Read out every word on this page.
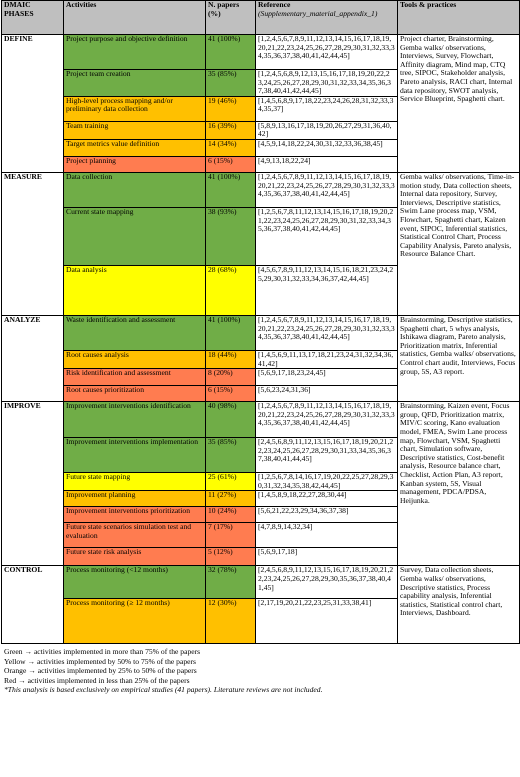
DMAIC PHASES	Activities	N. papers (%)	Reference
(Supplementary_material_appendix_1)	Tools & practices
DEFINE	Project purpose and objective definition	41 (100%)	[1,2,4,5,6,7,8,9,11,12,13,14,15,16,17,18,19,20,21,22,23,24,25,26,27,28,29,30,31,32,33,34,35,36,37,38,40,41,42,44,45]	Project charter, Brainstorming, Gemba walks/ observations, Interviews, Survey, Flowchart, Affinity diagram, Mind map, CTQ tree, SIPOC, Stakeholder analysis, Pareto analysis, RACI chart, Internal data repository, SWOT analysis, Service Blueprint, Spaghetti chart.
	Project team creation	35 (85%)	[1,2,4,5,6,8,9,12,13,15,16,17,18,19,20,22,23,24,25,26,27,28,29,30,31,32,33,34,35,36,37,38,40,41,42,44,45]	
	High-level process mapping and/or preliminary data collection	19 (46%)	[1,4,5,6,8,9,17,18,22,23,24,26,28,31,32,33,34,35,37]	
	Team training	16 (39%)	[5,8,9,13,16,17,18,19,20,26,27,29,31,36,40,42]	
	Target metrics value definition	14 (34%)	[4,5,9,14,18,22,24,30,31,32,33,36,38,45]	
	Project planning	6 (15%)	[4,9,13,18,22,24]	
MEASURE	Data collection	41 (100%)	[1,2,4,5,6,7,8,9,11,12,13,14,15,16,17,18,19,20,21,22,23,24,25,26,27,28,29,30,31,32,33,34,35,36,37,38,40,41,42,44,45]	Gemba walks/ observations, Time-in-motion study, Data collection sheets, Internal data repository, Survey, Interviews, Descriptive statistics, Swim Lane process map, VSM, Flowchart, Spaghetti chart, Kaizen event, SIPOC, Inferential statistics, Statistical Control Chart, Process Capability Analysis, Pareto analysis, Resource Balance Chart.
	Current state mapping	38 (93%)	[1,2,5,6,7,8,11,12,13,14,15,16,17,18,19,20,21,22,23,24,25,26,27,28,29,30,31,32,33,34,35,36,37,38,40,41,42,44,45]	
	Data analysis	28 (68%)	[4,5,6,7,8,9,11,12,13,14,15,16,18,21,23,24,25,29,30,31,32,33,34,36,37,42,44,45]	
ANALYZE	Waste identification and assessment	41 (100%)	[1,2,4,5,6,7,8,9,11,12,13,14,15,16,17,18,19,20,21,22,23,24,25,26,27,28,29,30,31,32,33,34,35,36,37,38,40,41,42,44,45]	Brainstorming, Descriptive statistics, Spaghetti chart, 5 whys analysis, Ishikawa diagram, Pareto analysis, Prioritization matrix, Inferential statistics, Gemba walks/ observations, Control chart audit, Interviews, Focus group, 5S, A3 report.
	Root causes analysis	18 (44%)	[1,4,5,6,9,11,13,17,18,21,23,24,31,32,34,36,41,42]	
	Risk identification and assessment	8 (20%)	[5,6,9,17,18,23,24,45]	
	Root causes prioritization	6 (15%)	[5,6,23,24,31,36]	
IMPROVE	Improvement interventions identification	40 (98%)	[1,2,4,5,6,7,8,9,11,12,13,14,15,16,17,18,19,20,21,22,23,24,25,26,27,28,29,30,31,32,33,34,35,36,37,38,40,41,42,44,45]	Brainstorming, Kaizen event, Focus group, QFD, Prioritization matrix, MIV/C scoring, Kano evaluation model, FMEA, Swim Lane process map, Flowchart, VSM, Spaghetti chart, Simulation software, Descriptive statistics, Cost-benefit analysis, Resource balance chart, Checklist, Action Plan, A3 report, Kanban system, 5S, Visual management, PDCA/PDSA, Heijunka.
	Improvement interventions implementation	35 (85%)	[2,4,5,6,8,9,11,12,13,15,16,17,18,19,20,21,22,23,24,25,26,27,28,29,30,31,33,34,35,36,37,38,40,41,44,45]	
	Future state mapping	25 (61%)	[1,2,5,6,7,8,14,16,17,19,20,22,25,27,28,29,30,31,32,34,35,38,42,44,45]	
	Improvement planning	11 (27%)	[1,4,5,8,9,18,22,27,28,30,44]	
	Improvement interventions prioritization	10 (24%)	[5,6,21,22,23,29,34,36,37,38]	
	Future state scenarios simulation test and evaluation	7 (17%)	[4,7,8,9,14,32,34]	
	Future state risk analysis	5 (12%)	[5,6,9,17,18]	
CONTROL	Process monitoring (<12 months)	32 (78%)	[2,4,5,6,8,9,11,12,13,15,16,17,18,19,20,21,22,23,24,25,26,27,28,29,30,35,36,37,38,40,41,45]	Survey, Data collection sheets, Gemba walks/ observations, Descriptive statistics, Process capability analysis, Inferential statistics, Statistical control chart, Interviews, Dashboard.
	Process monitoring (≥ 12 months)	12 (30%)	[2,17,19,20,21,22,23,25,31,33,38,41]	
Green → activities implemented in more than 75% of the papers
Yellow → activities implemented by 50% to 75% of the papers
Orange → activities implemented by 25% to 50% of the papers
Red → activities implemented in less than 25% of the papers
*This analysis is based exclusively on empirical studies (41 papers). Literature reviews are not included.
